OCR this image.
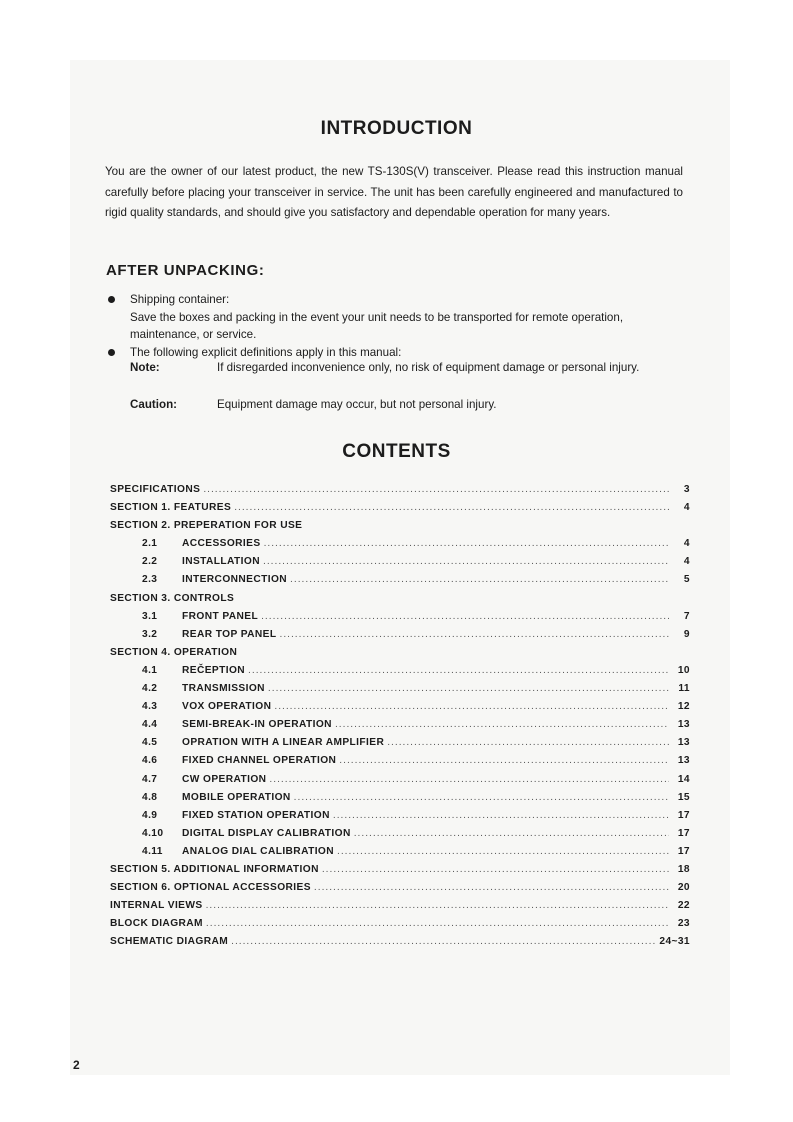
INTRODUCTION

You are the owner of our latest product, the new TS-130S(V) transceiver. Please read this instruction manual carefully before placing your transceiver in service. The unit has been carefully engineered and manufactured to rigid quality standards, and should give you satisfactory and dependable operation for many years.

AFTER UNPACKING:
Shipping container:
Save the boxes and packing in the event your unit needs to be transported for remote operation, maintenance, or service.
The following explicit definitions apply in this manual:
Note:	If disregarded inconvenience only, no risk of equipment damage or personal injury.
Caution:	Equipment damage may occur, but not personal injury.
CONTENTS
SPECIFICATIONS .....	3
SECTION 1. FEATURES .....	4
SECTION 2. PREPERATION FOR USE
2.1	ACCESSORIES .....	4
2.2	INSTALLATION .....	4
2.3	INTERCONNECTION .....	5
SECTION 3. CONTROLS
3.1	FRONT PANEL .....	7
3.2	REAR TOP PANEL .....	9
SECTION 4. OPERATION
4.1	REČEPTION .....	10
4.2	TRANSMISSION .....	11
4.3	VOX OPERATION .....	12
4.4	SEMI-BREAK-IN OPERATION .....	13
4.5	OPRATION WITH A LINEAR AMPLIFIER .....	13
4.6	FIXED CHANNEL OPERATION .....	13
4.7	CW OPERATION .....	14
4.8	MOBILE OPERATION .....	15
4.9	FIXED STATION OPERATION .....	17
4.10	DIGITAL DISPLAY CALIBRATION .....	17
4.11	ANALOG DIAL CALIBRATION .....	17
SECTION 5. ADDITIONAL INFORMATION .....	18
SECTION 6. OPTIONAL ACCESSORIES .....	20
INTERNAL VIEWS .....	22
BLOCK DIAGRAM .....	23
SCHEMATIC DIAGRAM .....	24~31
2
